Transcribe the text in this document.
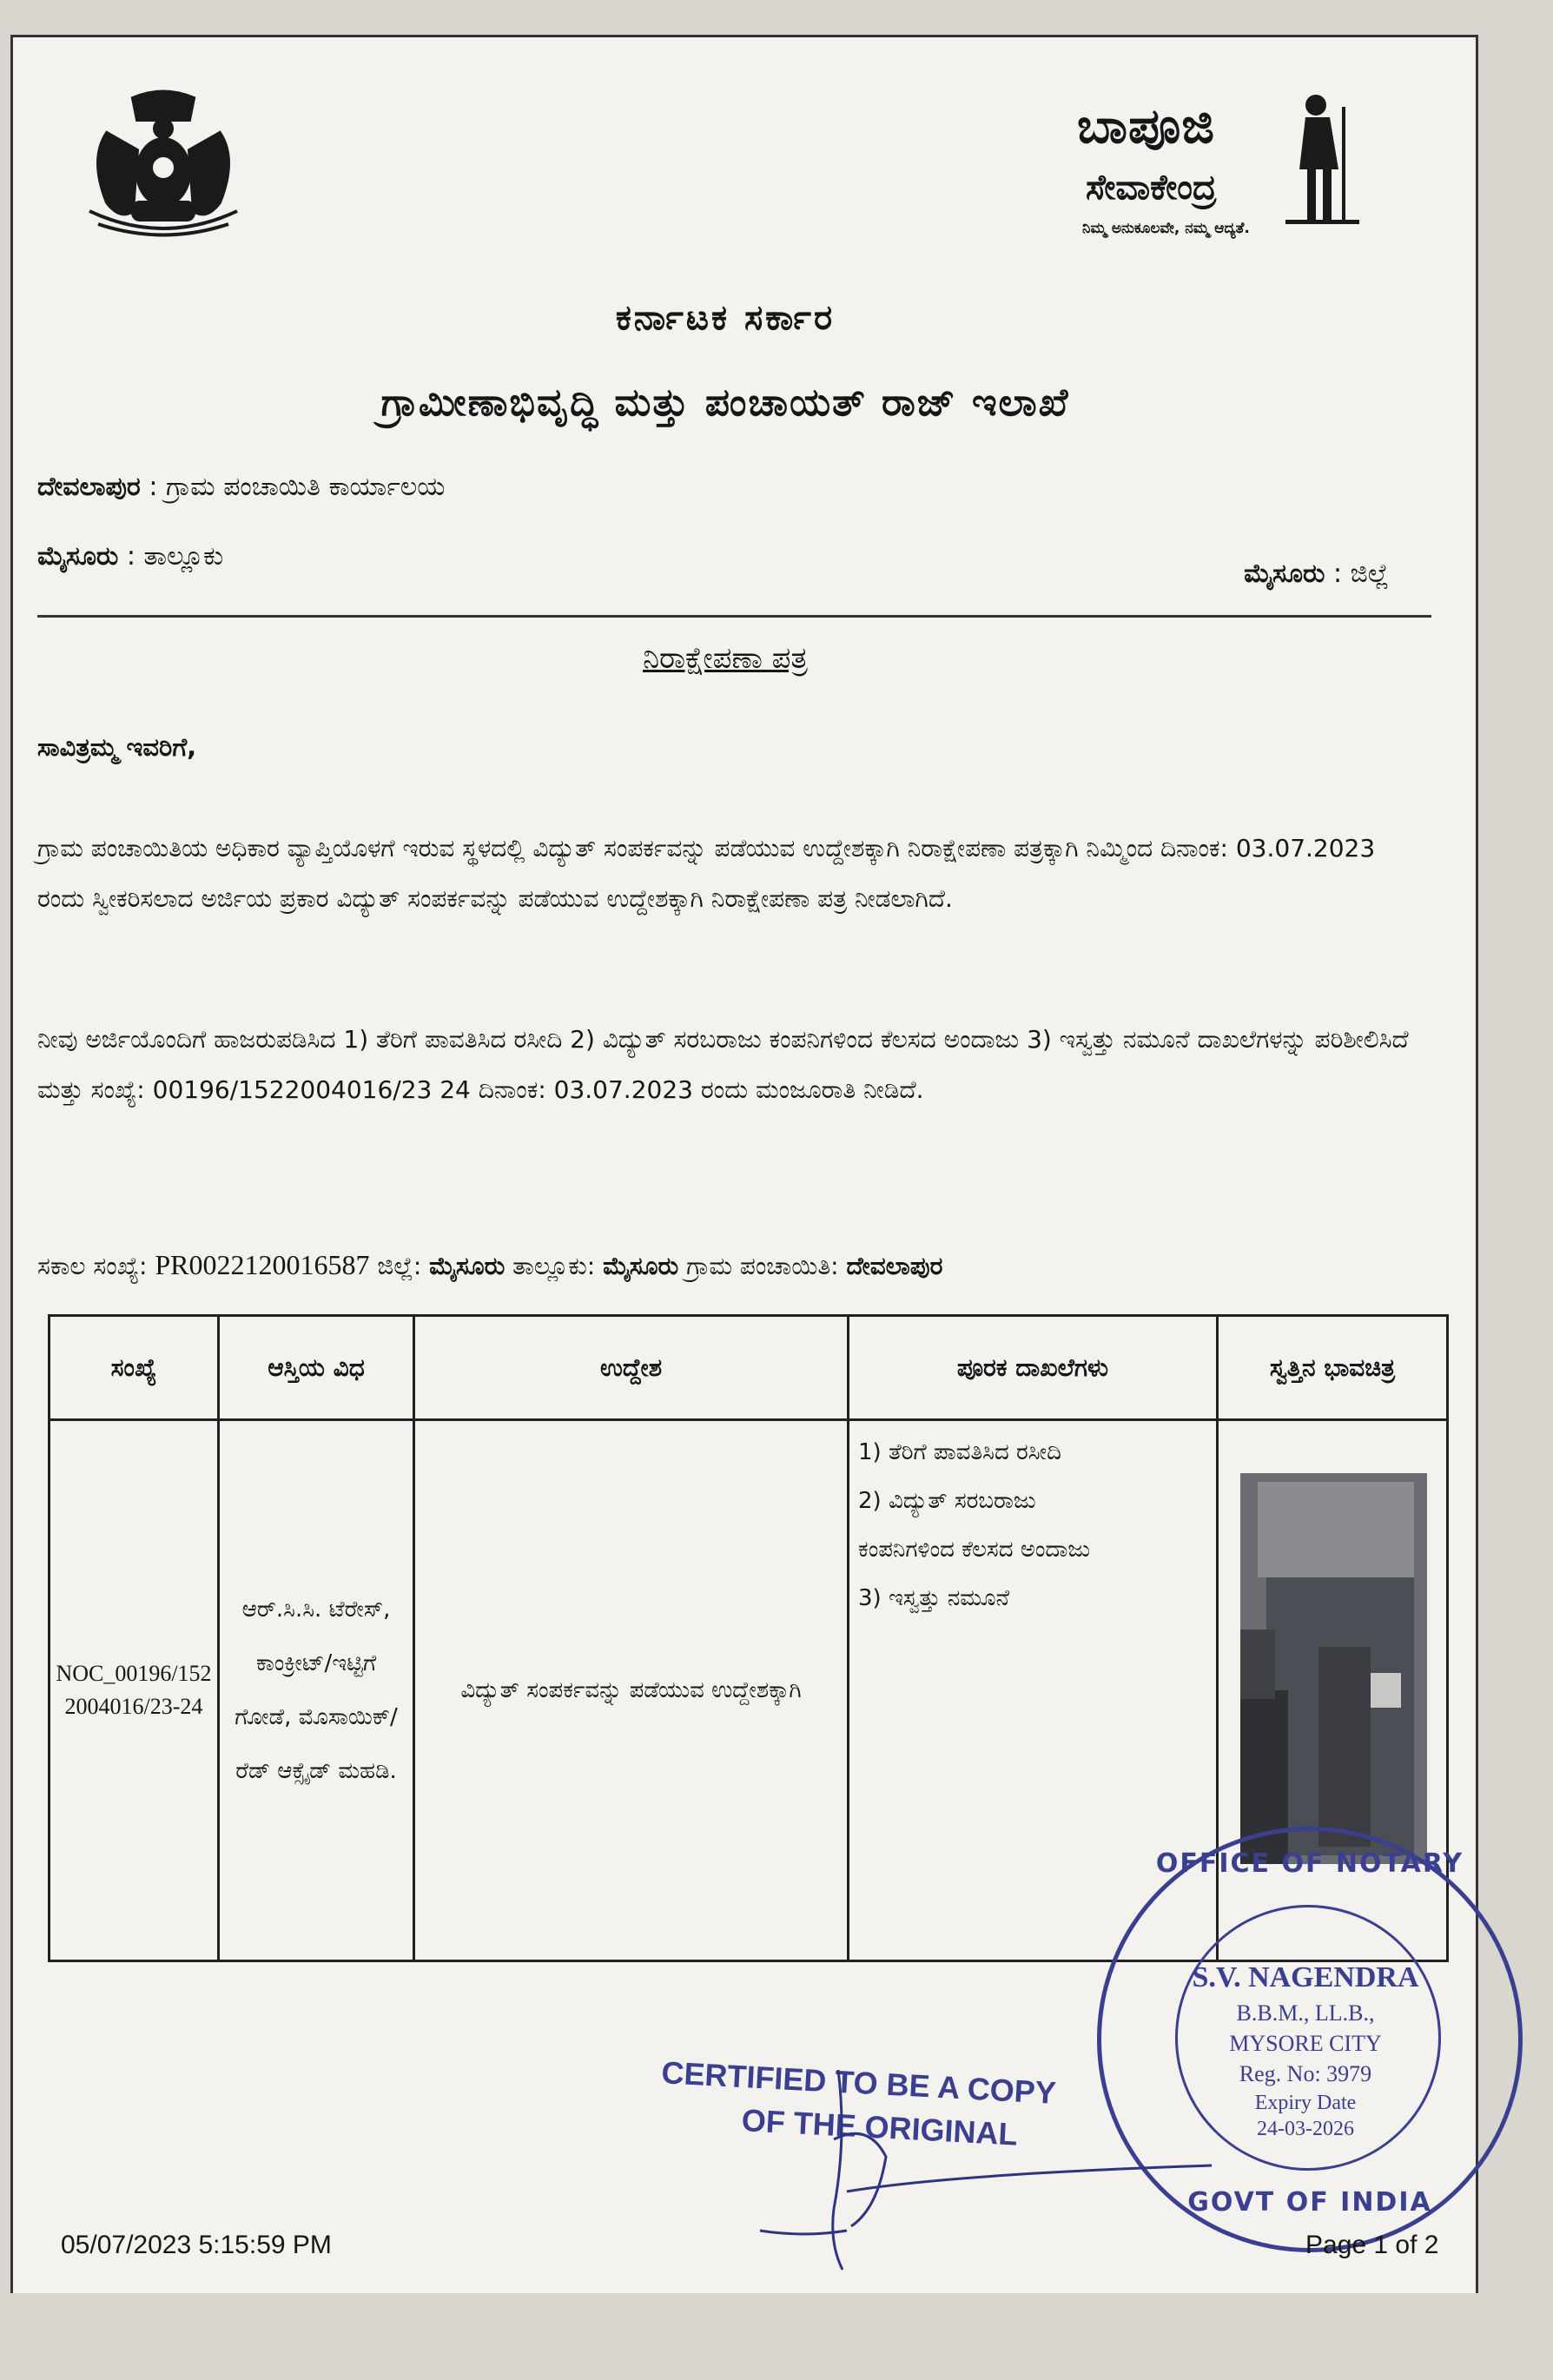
ಬಾಪೂಜಿ
ಸೇವಾಕೇಂದ್ರ
ನಿಮ್ಮ ಅನುಕೂಲವೇ, ನಮ್ಮ ಆದ್ಯತೆ.
ಕರ್ನಾಟಕ ಸರ್ಕಾರ
ಗ್ರಾಮೀಣಾಭಿವೃದ್ಧಿ ಮತ್ತು ಪಂಚಾಯತ್ ರಾಜ್ ಇಲಾಖೆ
ದೇವಲಾಪುರ : ಗ್ರಾಮ ಪಂಚಾಯಿತಿ ಕಾರ್ಯಾಲಯ
ಮೈಸೂರು : ತಾಲ್ಲೂಕು
ಮೈಸೂರು : ಜಿಲ್ಲೆ
ನಿರಾಕ್ಷೇಪಣಾ ಪತ್ರ
ಸಾವಿತ್ರಮ್ಮ ಇವರಿಗೆ,
ಗ್ರಾಮ ಪಂಚಾಯಿತಿಯ ಅಧಿಕಾರ ವ್ಯಾಪ್ತಿಯೊಳಗೆ ಇರುವ ಸ್ಥಳದಲ್ಲಿ ವಿದ್ಯುತ್ ಸಂಪರ್ಕವನ್ನು ಪಡೆಯುವ ಉದ್ದೇಶಕ್ಕಾಗಿ ನಿರಾಕ್ಷೇಪಣಾ ಪತ್ರಕ್ಕಾಗಿ ನಿಮ್ಮಿಂದ ದಿನಾಂಕ: 03.07.2023 ರಂದು ಸ್ವೀಕರಿಸಲಾದ ಅರ್ಜಿಯ ಪ್ರಕಾರ ವಿದ್ಯುತ್ ಸಂಪರ್ಕವನ್ನು ಪಡೆಯುವ ಉದ್ದೇಶಕ್ಕಾಗಿ ನಿರಾಕ್ಷೇಪಣಾ ಪತ್ರ ನೀಡಲಾಗಿದೆ.
ನೀವು ಅರ್ಜಿಯೊಂದಿಗೆ ಹಾಜರುಪಡಿಸಿದ 1) ತೆರಿಗೆ ಪಾವತಿಸಿದ ರಸೀದಿ 2) ವಿದ್ಯುತ್ ಸರಬರಾಜು ಕಂಪನಿಗಳಿಂದ ಕೆಲಸದ ಅಂದಾಜು 3) ಇಸ್ವತ್ತು ನಮೂನೆ ದಾಖಲೆಗಳನ್ನು ಪರಿಶೀಲಿಸಿದೆ ಮತ್ತು ಸಂಖ್ಯೆ: 00196/1522004016/23 24 ದಿನಾಂಕ: 03.07.2023 ರಂದು ಮಂಜೂರಾತಿ ನೀಡಿದೆ.
ಸಕಾಲ ಸಂಖ್ಯೆ: PR0022120016587 ಜಿಲ್ಲೆ: ಮೈಸೂರು ತಾಲ್ಲೂಕು: ಮೈಸೂರು ಗ್ರಾಮ ಪಂಚಾಯಿತಿ: ದೇವಲಾಪುರ
ಸಂಖ್ಯೆ	ಆಸ್ತಿಯ ವಿಧ	ಉದ್ದೇಶ	ಪೂರಕ ದಾಖಲೆಗಳು	ಸ್ವತ್ತಿನ ಭಾವಚಿತ್ರ
NOC_00196/1522004016/23-24	ಆರ್.ಸಿ.ಸಿ. ಟೆರೇಸ್, ಕಾಂಕ್ರೀಟ್/ಇಟ್ಟಿಗೆ ಗೋಡೆ, ಮೊಸಾಯಿಕ್/ರೆಡ್ ಆಕ್ಸೈಡ್ ಮಹಡಿ.	ವಿದ್ಯುತ್ ಸಂಪರ್ಕವನ್ನು ಪಡೆಯುವ ಉದ್ದೇಶಕ್ಕಾಗಿ	1) ತೆರಿಗೆ ಪಾವತಿಸಿದ ರಸೀದಿ
2) ವಿದ್ಯುತ್ ಸರಬರಾಜು
ಕಂಪನಿಗಳಿಂದ ಕೆಲಸದ ಅಂದಾಜು
3) ಇಸ್ವತ್ತು ನಮೂನೆ

OFFICE OF NOTARY
GOVT OF INDIA
S.V. NAGENDRA
B.B.M., LL.B.,
MYSORE CITY
Reg. No: 3979
Expiry Date
24-03-2026
CERTIFIED TO BE A COPY
OF THE ORIGINAL
05/07/2023 5:15:59 PM	Page 1 of 2
